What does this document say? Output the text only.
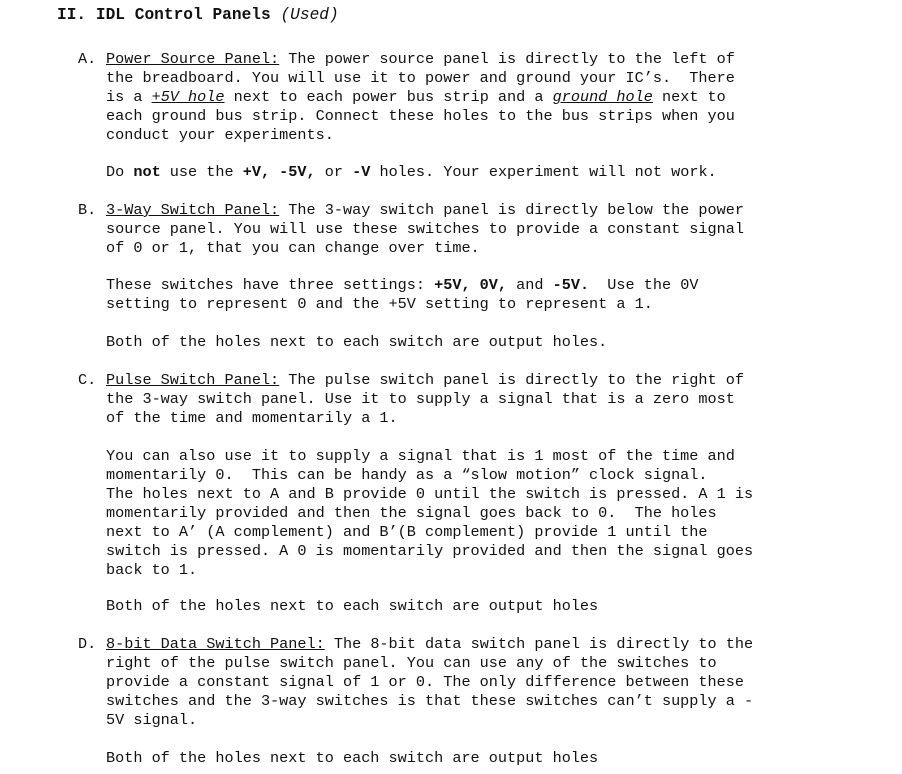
II. IDL Control Panels (Used)
A. Power Source Panel: The power source panel is directly to the left of
the breadboard. You will use it to power and ground your IC’s.  There
is a +5V hole next to each power bus strip and a ground hole next to
each ground bus strip. Connect these holes to the bus strips when you
conduct your experiments.
Do not use the +V, -5V, or -V holes. Your experiment will not work.
B. 3-Way Switch Panel: The 3-way switch panel is directly below the power
source panel. You will use these switches to provide a constant signal
of 0 or 1, that you can change over time.
These switches have three settings: +5V, 0V, and -5V.  Use the 0V
setting to represent 0 and the +5V setting to represent a 1.
Both of the holes next to each switch are output holes.
C. Pulse Switch Panel: The pulse switch panel is directly to the right of
the 3-way switch panel. Use it to supply a signal that is a zero most
of the time and momentarily a 1.
You can also use it to supply a signal that is 1 most of the time and
momentarily 0.  This can be handy as a “slow motion” clock signal.
The holes next to A and B provide 0 until the switch is pressed. A 1 is
momentarily provided and then the signal goes back to 0.  The holes
next to A’ (A complement) and B’(B complement) provide 1 until the
switch is pressed. A 0 is momentarily provided and then the signal goes
back to 1.
Both of the holes next to each switch are output holes
D. 8-bit Data Switch Panel: The 8-bit data switch panel is directly to the
right of the pulse switch panel. You can use any of the switches to
provide a constant signal of 1 or 0. The only difference between these
switches and the 3-way switches is that these switches can’t supply a -
5V signal.
Both of the holes next to each switch are output holes
